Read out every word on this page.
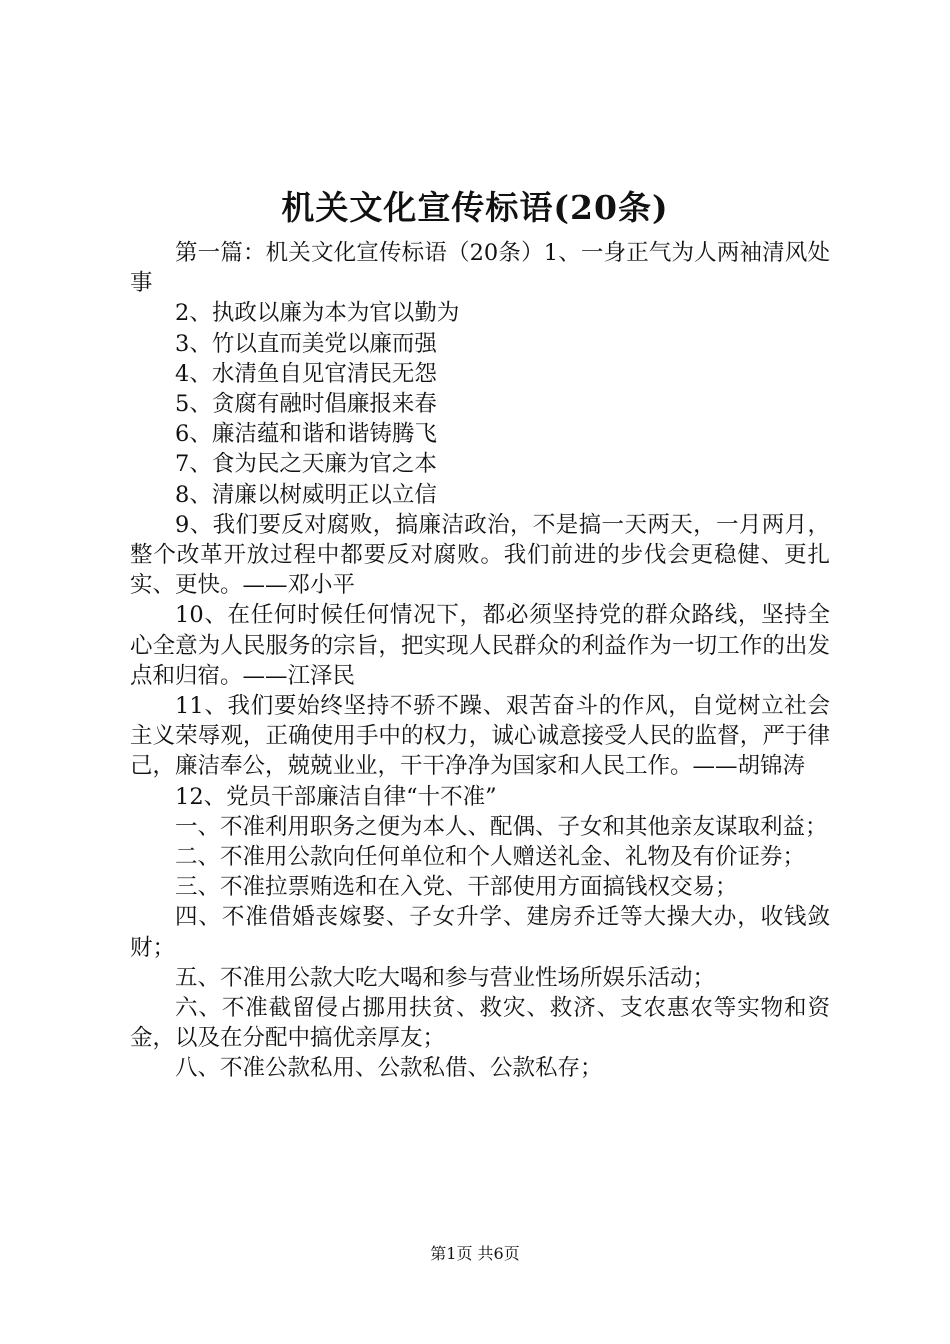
机关文化宣传标语(20条)

第一篇：机关文化宣传标语（20条）1、一身正气为人两袖清风处事

2、执政以廉为本为官以勤为

3、竹以直而美党以廉而强

4、水清鱼自见官清民无怨

5、贪腐有融时倡廉报来春

6、廉洁蕴和谐和谐铸腾飞

7、食为民之天廉为官之本

8、清廉以树威明正以立信

9、我们要反对腐败，搞廉洁政治，不是搞一天两天，一月两月，整个改革开放过程中都要反对腐败。我们前进的步伐会更稳健、更扎实、更快。——邓小平

10、在任何时候任何情况下，都必须坚持党的群众路线，坚持全心全意为人民服务的宗旨，把实现人民群众的利益作为一切工作的出发点和归宿。——江泽民

11、我们要始终坚持不骄不躁、艰苦奋斗的作风，自觉树立社会主义荣辱观，正确使用手中的权力，诚心诚意接受人民的监督，严于律己，廉洁奉公，兢兢业业，干干净净为国家和人民工作。——胡锦涛

12、党员干部廉洁自律“十不准”

一、不准利用职务之便为本人、配偶、子女和其他亲友谋取利益；

二、不准用公款向任何单位和个人赠送礼金、礼物及有价证券；

三、不准拉票贿选和在入党、干部使用方面搞钱权交易；

四、不准借婚丧嫁娶、子女升学、建房乔迁等大操大办，收钱敛财；

五、不准用公款大吃大喝和参与营业性场所娱乐活动；

六、不准截留侵占挪用扶贫、救灾、救济、支农惠农等实物和资金，以及在分配中搞优亲厚友；

八、不准公款私用、公款私借、公款私存；

第1页 共6页
